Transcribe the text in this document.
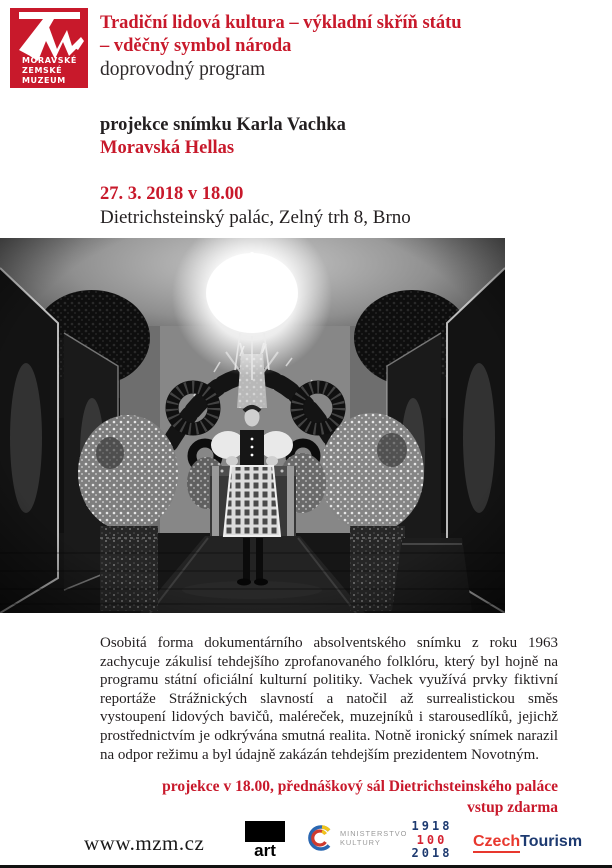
MORAVSKÉ
ZEMSKÉ
MUZEUM
Tradiční lidová kultura – výkladní skříň státu
– vděčný symbol národa
doprovodný program
projekce snímku Karla Vachka
Moravská Hellas
27. 3. 2018 v 18.00
Dietrichsteinský palác, Zelný trh 8, Brno
Osobitá forma dokumentárního absolventského snímku z roku 1963 zachycuje zákulisí tehdejšího zprofanovaného folklóru, který byl hojně na programu státní oficiální kulturní politiky. Vachek využívá prvky fiktivní reportáže Strážnických slavností a natočil až surrealistickou směs vystoupení lidových bavičů, maléreček, muzejníků i starousedlíků, jejichž prostřednictvím je odkrývána smutná realita. Notně ironický snímek narazil na odpor režimu a byl údajně zakázán tehdejším prezidentem Novotným.
projekce v 18.00, přednáškový sál Dietrichsteinského paláce
vstup zdarma
www.mzm.cz	art
MINISTERSTVO
KULTURY
1918
100
2018
CzechTourism
